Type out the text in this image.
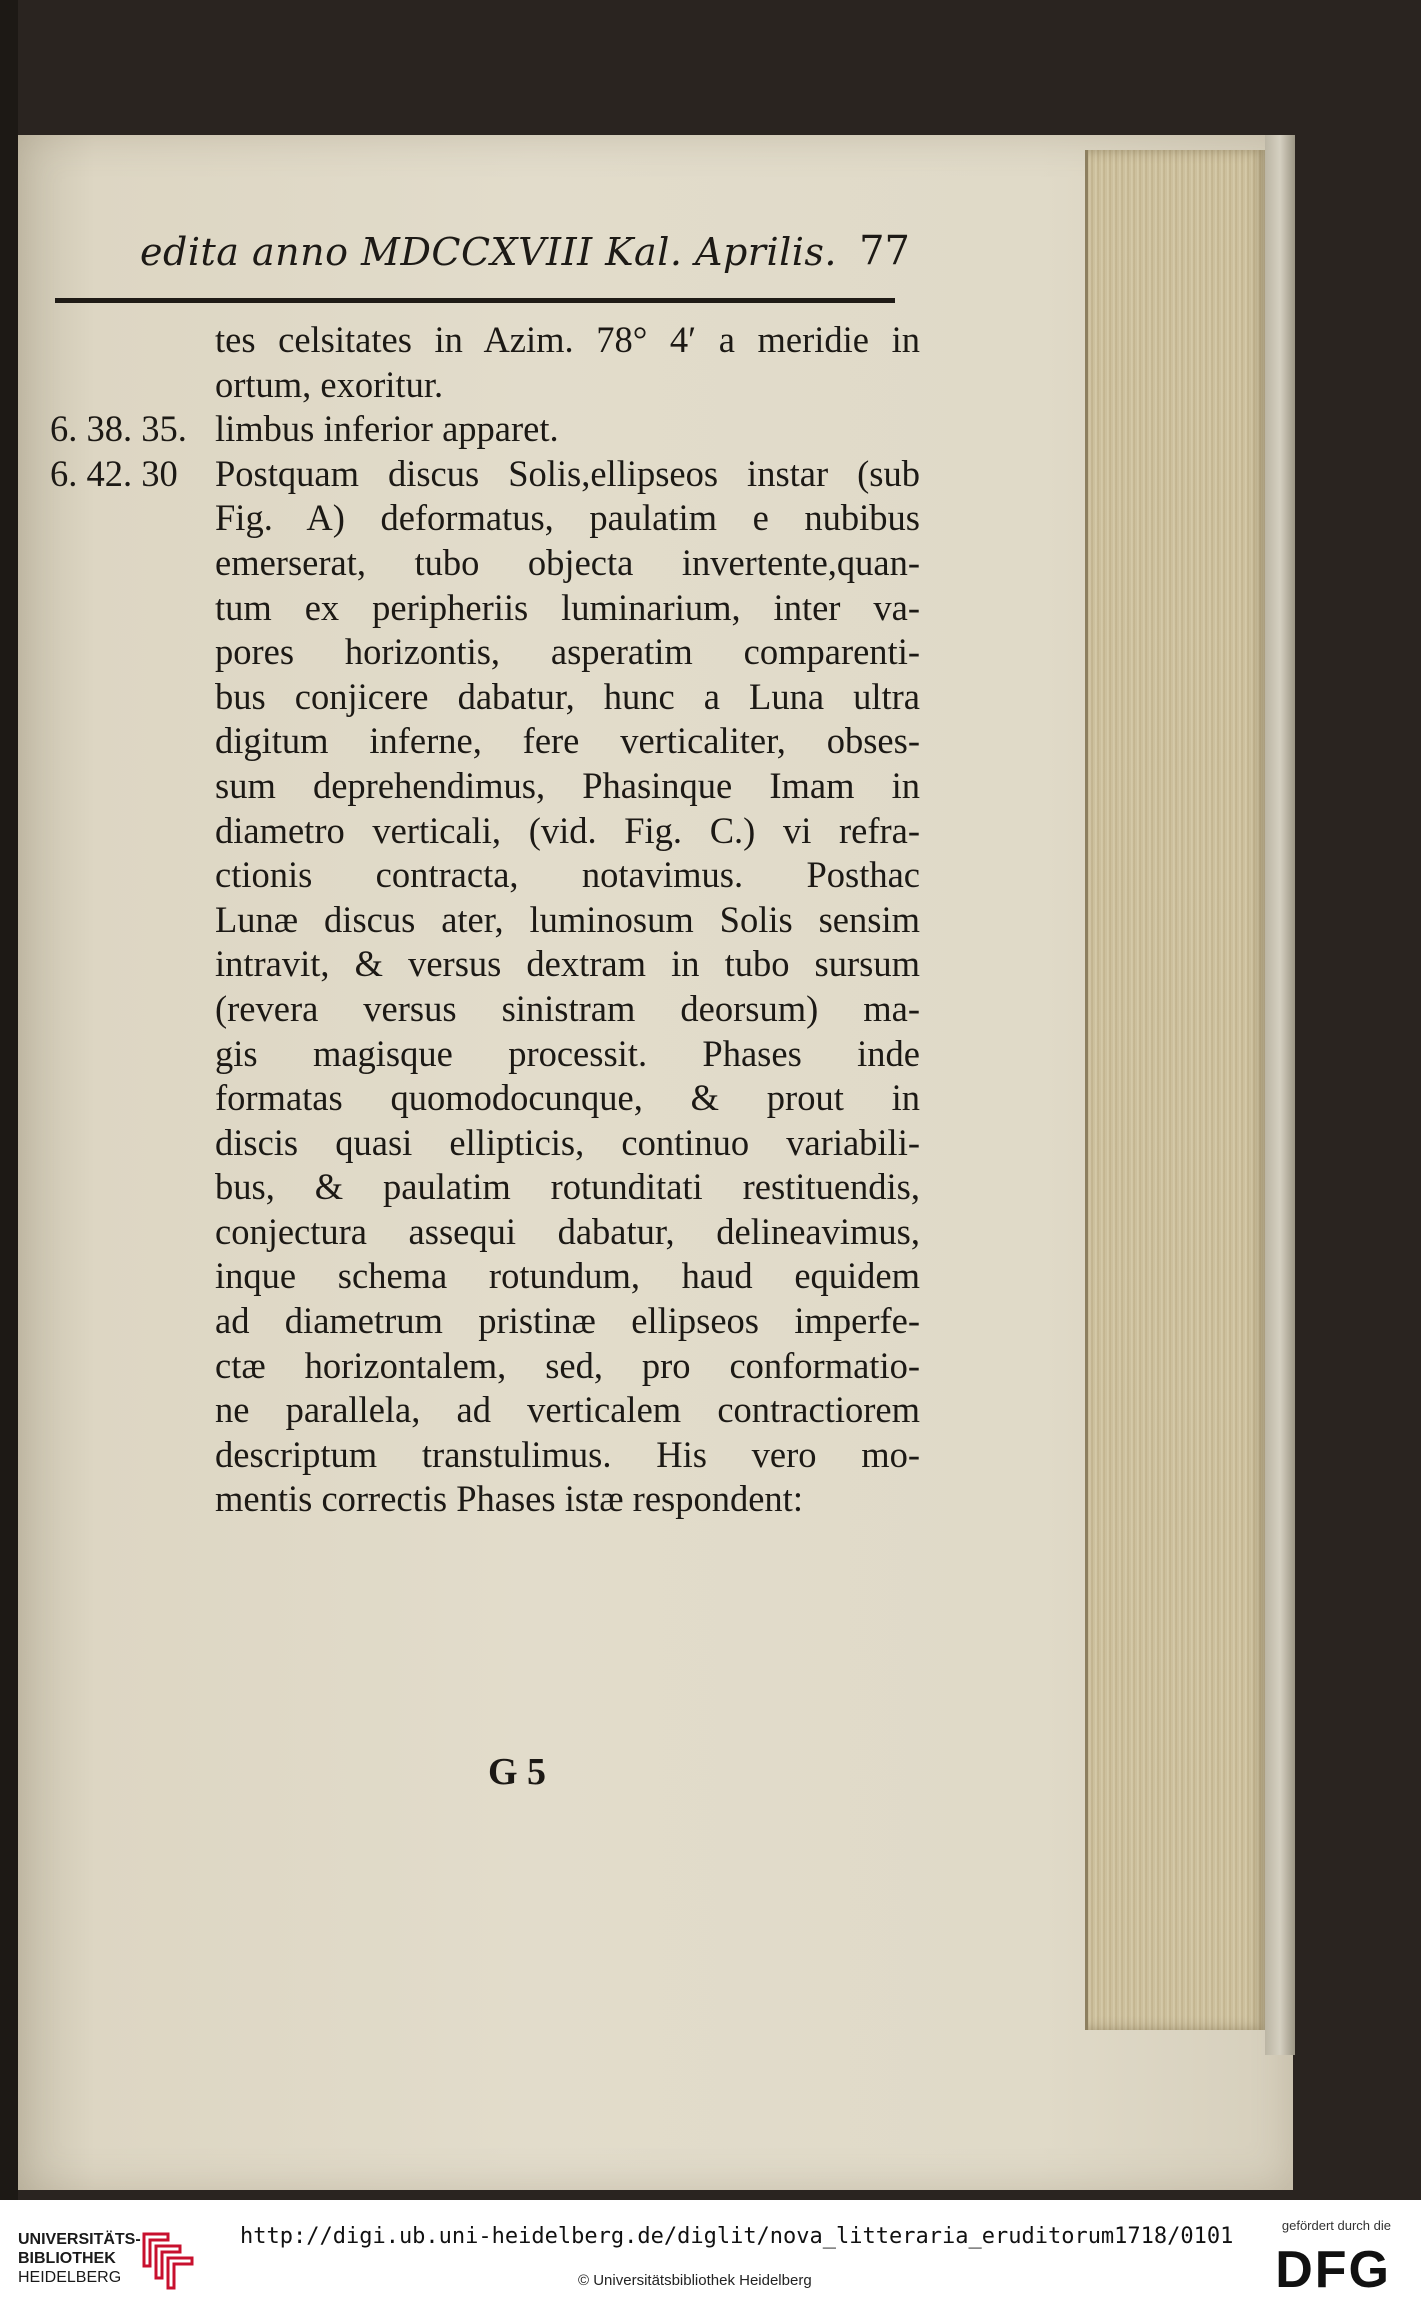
edita anno MDCCXVIII Kal. Aprilis. 77
tes celsitates in Azim. 78° 4′ a meridie in
ortum, exoritur.
6. 38. 35. limbus inferior apparet.
6. 42. 30	Postquam discus Solis,ellipseos instar (sub
Fig. A) deformatus, paulatim e nubibus
emerserat, tubo objecta invertente,quan-
tum ex peripheriis luminarium, inter va-
pores horizontis, asperatim comparenti-
bus conjicere dabatur, hunc a Luna ultra
digitum inferne, fere verticaliter, obses-
sum deprehendimus, Phasinque Imam in
diametro verticali, (vid. Fig. C.) vi refra-
ctionis contracta, notavimus. Posthac
Lunæ discus ater, luminosum Solis sensim
intravit, & versus dextram in tubo sursum
(revera versus sinistram deorsum) ma-
gis magisque processit. Phases inde
formatas quomodocunque, & prout in
discis quasi ellipticis, continuo variabili-
bus, & paulatim rotunditati restituendis,
conjectura assequi dabatur, delineavimus,
inque schema rotundum, haud equidem
ad diametrum pristinæ ellipseos imperfe-
ctæ horizontalem, sed, pro conformatio-
ne parallela, ad verticalem contractiorem
descriptum transtulimus. His vero mo-
mentis correctis Phases istæ respondent:
G 5
UNIVERSITÄTS-
BIBLIOTHEK
HEIDELBERG
http://digi.ub.uni-heidelberg.de/diglit/nova_litteraria_eruditorum1718/0101
© Universitätsbibliothek Heidelberg
gefördert durch die
DFG
